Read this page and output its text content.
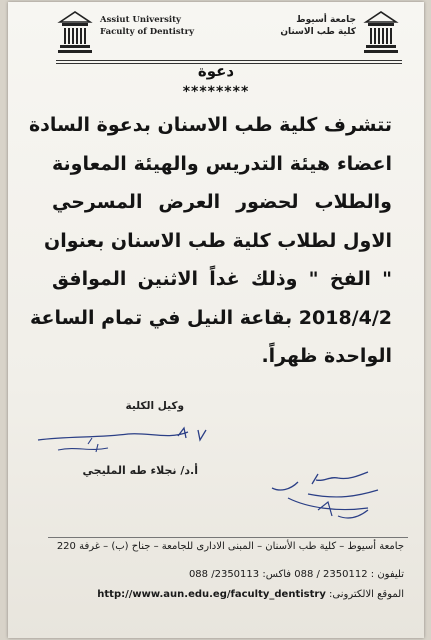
Assiut University
Faculty of Dentistry
جامعة أسيوط
كلية طب الاسنان
دعوة
********
تتشرف كلية طب الاسنان بدعوة السادة
اعضاء هيئة التدريس والهيئة المعاونة
والطلاب لحضور العرض المسرحي
الاول لطلاب كلية طب الاسنان بعنوان
" الفخ " وذلك غداً الاثنين الموافق
2018/4/2 بقاعة النيل في تمام الساعة
الواحدة ظهراً.
وكيل الكلية
أ.د/ نجلاء طه المليجي
جامعة أسيوط – كلية طب الأسنان – المبنى الادارى للجامعة – جناح (ب) – غرفة 220
تليفون : 2350112 / 088 فاكس: 2350113/ 088
الموقع الالكترونى: http://www.aun.edu.eg/faculty_dentistry
